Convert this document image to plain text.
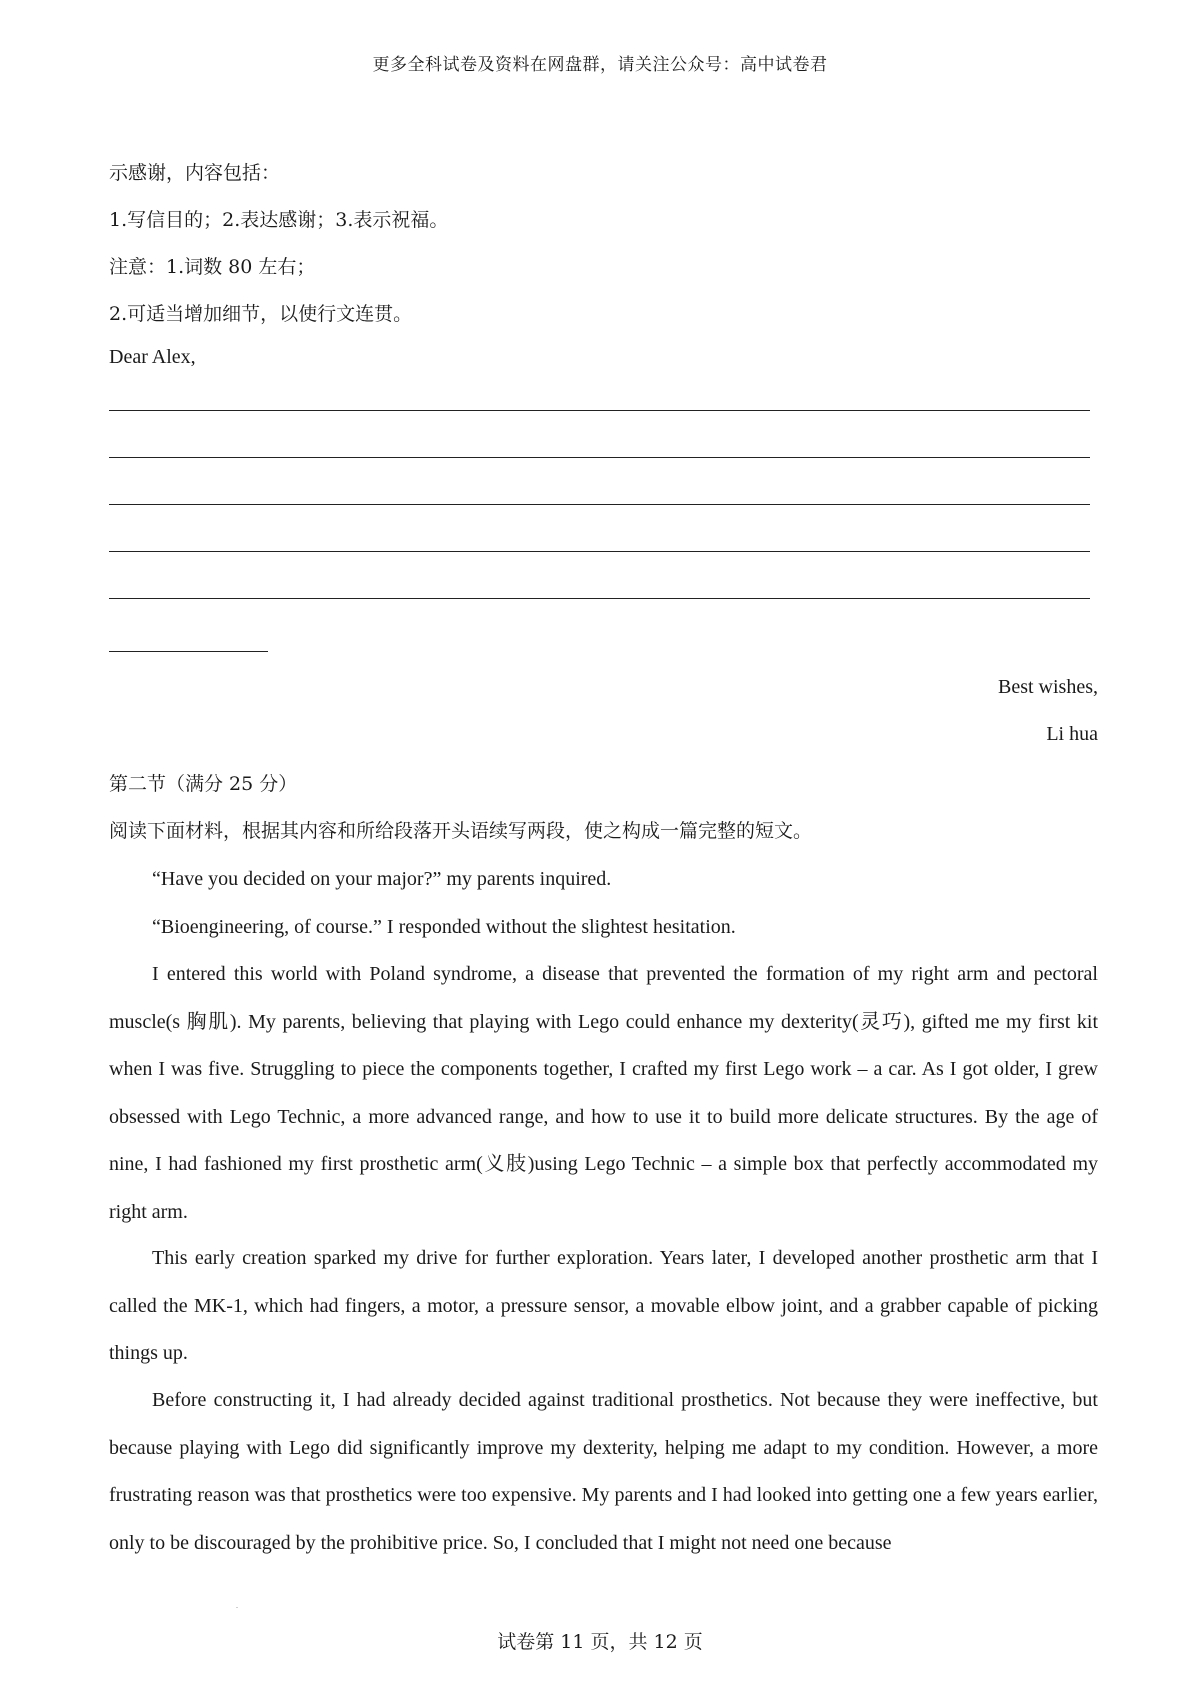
更多全科试卷及资料在网盘群，请关注公众号：高中试卷君
示感谢，内容包括：
1.写信目的；2.表达感谢；3.表示祝福。
注意：1.词数 80 左右；
2.可适当增加细节，以使行文连贯。
Dear Alex,
Best wishes,
Li hua
第二节（满分 25 分）
阅读下面材料，根据其内容和所给段落开头语续写两段，使之构成一篇完整的短文。
“Have you decided on your major?” my parents inquired.
“Bioengineering, of course.” I responded without the slightest hesitation.
I entered this world with Poland syndrome, a disease that prevented the formation of my right arm and pectoral muscle(s 胸肌). My parents, believing that playing with Lego could enhance my dexterity(灵巧), gifted me my first kit when I was five. Struggling to piece the components together, I crafted my first Lego work – a car. As I got older, I grew obsessed with Lego Technic, a more advanced range, and how to use it to build more delicate structures. By the age of nine, I had fashioned my first prosthetic arm(义肢)using Lego Technic – a simple box that perfectly accommodated my right arm.
This early creation sparked my drive for further exploration. Years later, I developed another prosthetic arm that I called the MK-1, which had fingers, a motor, a pressure sensor, a movable elbow joint, and a grabber capable of picking things up.
Before constructing it, I had already decided against traditional prosthetics. Not because they were ineffective, but because playing with Lego did significantly improve my dexterity, helping me adapt to my condition. However, a more frustrating reason was that prosthetics were too expensive. My parents and I had looked into getting one a few years earlier, only to be discouraged by the prohibitive price. So, I concluded that I might not need one because
试卷第 11 页，共 12 页
